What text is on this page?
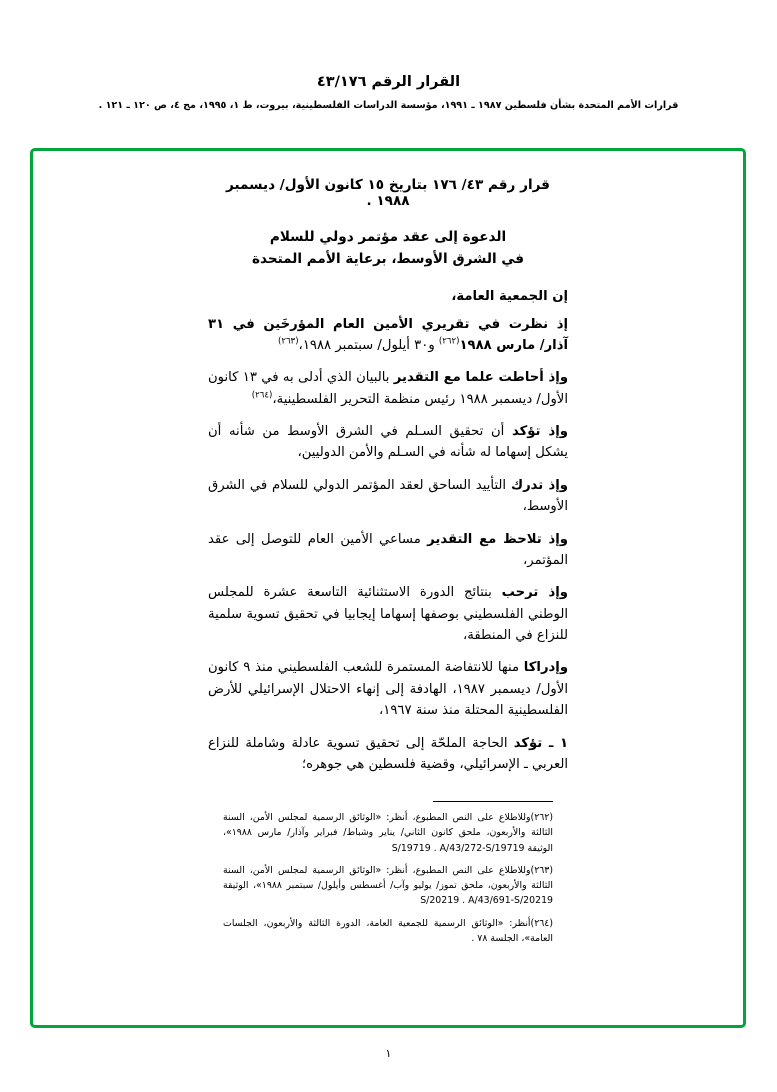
القرار الرقم ٤٣/١٧٦
قرارات الأمم المتحدة بشأن فلسطين ١٩٨٧ ـ ١٩٩١، مؤسسة الدراسات الفلسطينية، بيروت، ط ١، ١٩٩٥، مج ٤، ص ١٢٠ ـ ١٢١ .
قرار رقم ٤٣/ ١٧٦ بتاريخ ١٥ كانون الأول/ ديسمبر ١٩٨٨ .
الدعوة إلى عقد مؤتمر دولي للسلام
في الشرق الأوسط، برعاية الأمم المتحدة
إن الجمعية العامة،

إذ نظرت في تقريري الأمين العام المؤرخَين في ٣١ آذار/ مارس ١٩٨٨$^{(٢٦٢)}$ و٣٠ أيلول/ سبتمبر ١٩٨٨،$^{(٢٦٣)}$

وإذ أحاطت علما مع التقدير بالبيان الذي أدلى به في ١٣ كانون الأول/ ديسمبر ١٩٨٨ رئيس منظمة التحرير الفلسطينية،$^{(٢٦٤)}$

وإذ تؤكد أن تحقيق السـلم في الشرق الأوسط من شأنه أن يشكل إسهاما له شأنه في السـلم والأمن الدوليين،

وإذ تدرك التأييد الساحق لعقد المؤتمر الدولي للسلام في الشرق الأوسط،

وإذ تلاحظ مع التقدير مساعي الأمين العام للتوصل إلى عقد المؤتمر،

وإذ ترحب بنتائج الدورة الاستثنائية التاسعة عشرة للمجلس الوطني الفلسطيني بوصفها إسهاما إيجابيا في تحقيق تسوية سلمية للنزاع في المنطقة،

وإدراكا منها للانتفاضة المستمرة للشعب الفلسطيني منذ ٩ كانون الأول/ ديسمبر ١٩٨٧، الهادفة إلى إنهاء الاحتلال الإسرائيلي للأرض الفلسطينية المحتلة منذ سنة ١٩٦٧،

١ ـ تؤكد الحاجة الملحّة إلى تحقيق تسوية عادلة وشاملة للنزاع العربي ـ الإسرائيلي، وقضية فلسطين هي جوهره؛

(٢٦٢)وللاطلاع على النص المطبوع، أنظر: «الوثائق الرسمية لمجلس الأمن، السنة الثالثة والأربعون، ملحق كانون الثاني/ يناير وشباط/ فبراير وآذار/ مارس ١٩٨٨»، الوثيقة A/43/272-S/19719 S/19719 .

(٢٦٣)وللاطلاع على النص المطبوع، أنظر: «الوثائق الرسمية لمجلس الأمن، السنة الثالثة والأربعون، ملحق تموز/ يوليو وآب/ أغسطس وأيلول/ سبتمبر ١٩٨٨»، الوثيقة A/43/691-S/20219 S/20219 .

(٢٦٤)أنظر: «الوثائق الرسمية للجمعية العامة، الدورة الثالثة والأربعون، الجلسات العامة»، الجلسة ٧٨ .

١
